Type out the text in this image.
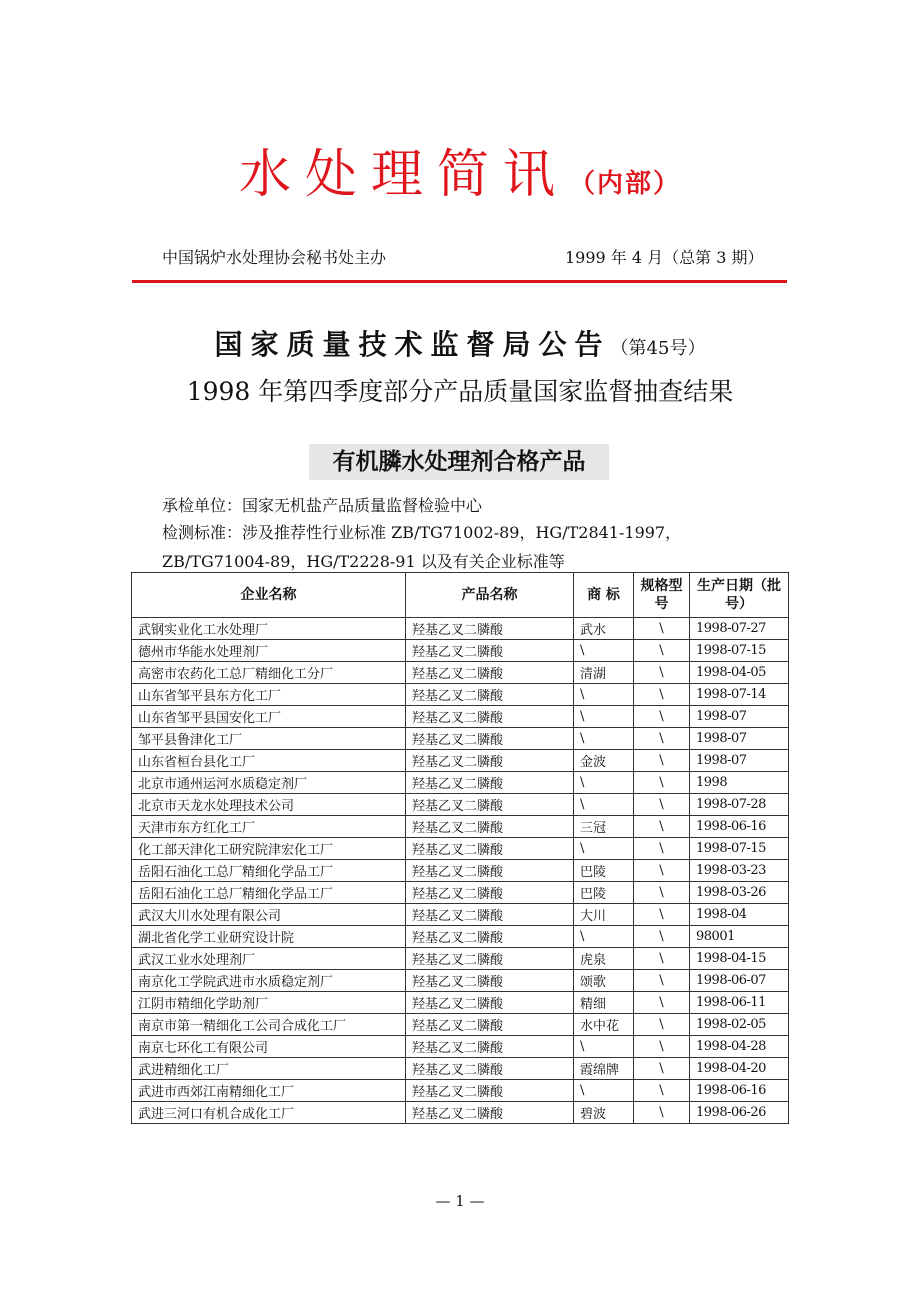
水处理简讯（内部）
中国锅炉水处理协会秘书处主办	1999 年 4 月（总第 3 期）
国家质量技术监督局公告（第45号）
1998 年第四季度部分产品质量国家监督抽查结果
有机膦水处理剂合格产品
承检单位：国家无机盐产品质量监督检验中心
检测标准：涉及推荐性行业标准 ZB/TG71002-89，HG/T2841-1997，
ZB/TG71004-89，HG/T2228-91 以及有关企业标准等
企业名称	产品名称	商 标	规格型号	生产日期（批号）
武钢实业化工水处理厂	羟基乙叉二膦酸	武水	\	1998-07-27
德州市华能水处理剂厂	羟基乙叉二膦酸	\	\	1998-07-15
高密市农药化工总厂精细化工分厂	羟基乙叉二膦酸	清湖	\	1998-04-05
山东省邹平县东方化工厂	羟基乙叉二膦酸	\	\	1998-07-14
山东省邹平县国安化工厂	羟基乙叉二膦酸	\	\	1998-07
邹平县鲁津化工厂	羟基乙叉二膦酸	\	\	1998-07
山东省桓台县化工厂	羟基乙叉二膦酸	金波	\	1998-07
北京市通州运河水质稳定剂厂	羟基乙叉二膦酸	\	\	1998
北京市天龙水处理技术公司	羟基乙叉二膦酸	\	\	1998-07-28
天津市东方红化工厂	羟基乙叉二膦酸	三冠	\	1998-06-16
化工部天津化工研究院津宏化工厂	羟基乙叉二膦酸	\	\	1998-07-15
岳阳石油化工总厂精细化学品工厂	羟基乙叉二膦酸	巴陵	\	1998-03-23
岳阳石油化工总厂精细化学品工厂	羟基乙叉二膦酸	巴陵	\	1998-03-26
武汉大川水处理有限公司	羟基乙叉二膦酸	大川	\	1998-04
湖北省化学工业研究设计院	羟基乙叉二膦酸	\	\	98001
武汉工业水处理剂厂	羟基乙叉二膦酸	虎泉	\	1998-04-15
南京化工学院武进市水质稳定剂厂	羟基乙叉二膦酸	颂歌	\	1998-06-07
江阴市精细化学助剂厂	羟基乙叉二膦酸	精细	\	1998-06-11
南京市第一精细化工公司合成化工厂	羟基乙叉二膦酸	水中花	\	1998-02-05
南京七环化工有限公司	羟基乙叉二膦酸	\	\	1998-04-28
武进精细化工厂	羟基乙叉二膦酸	霞绵牌	\	1998-04-20
武进市西郊江南精细化工厂	羟基乙叉二膦酸	\	\	1998-06-16
武进三河口有机合成化工厂	羟基乙叉二膦酸	碧波	\	1998-06-26
— 1 —
